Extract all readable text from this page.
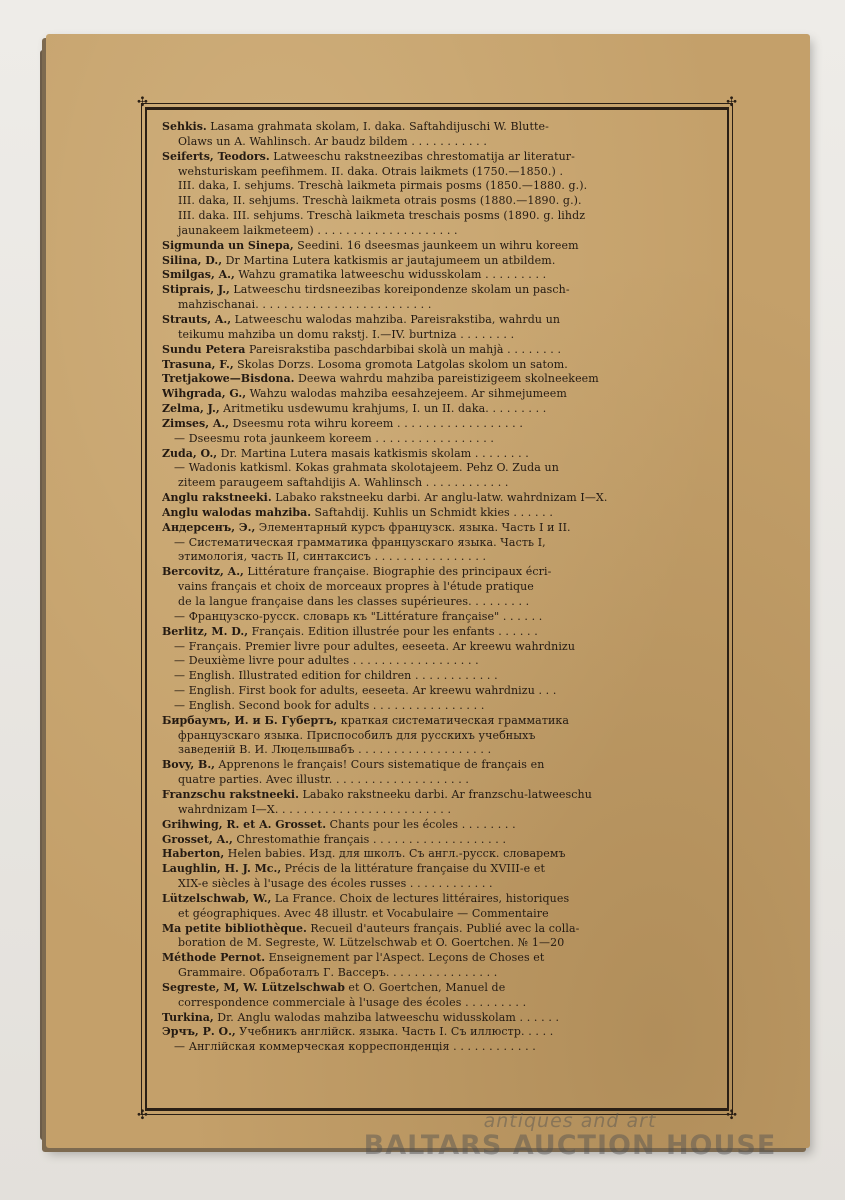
✣	✣
✣	✣
Sehkis. Lasama grahmata skolam, I. daka. Saftahdijuschi W. Blutte-
Olaws un A. Wahlinsch. Ar baudz bildem . . . . . . . . . . .
Seiferts, Teodors. Latweeschu rakstneezibas chrestomatija ar literatur-
wehsturiskam peefihmem. II. daka. Otrais laikmets (1750.—1850.) .
III. daka, I. sehjums. Treschà laikmeta pirmais posms (1850.—1880. g.).
III. daka, II. sehjums. Treschà laikmeta otrais posms (1880.—1890. g.).
III. daka. III. sehjums. Treschà laikmeta treschais posms (1890. g. lihdz
jaunakeem laikmeteem) . . . . . . . . . . . . . . . . . . . .
Sigmunda un Sinepa, Seedini. 16 dseesmas jaunkeem un wihru koreem
Silina, D., Dr Martina Lutera katkismis ar jautajumeem un atbildem.
Smilgas, A., Wahzu gramatika latweeschu widusskolam . . . . . . . . .
Stiprais, J., Latweeschu tirdsneezibas koreipondenze skolam un pasch-
mahzischanai. . . . . . . . . . . . . . . . . . . . . . . . .
Strauts, A., Latweeschu walodas mahziba. Pareisrakstiba, wahrdu un
teikumu mahziba un domu rakstj. I.—IV. burtniza . . . . . . . .
Sundu Petera Pareisrakstiba paschdarbibai skolà un mahjà . . . . . . . .
Trasuna, F., Skolas Dorzs. Losoma gromota Latgolas skolom un satom.
Tretjakowe—Bisdona. Deewa wahrdu mahziba pareistizigeem skolneekeem
Wihgrada, G., Wahzu walodas mahziba eesahzejeem. Ar sihmejumeem
Zelma, J., Aritmetiku usdewumu krahjums, I. un II. daka. . . . . . . . .
Zimses, A., Dseesmu rota wihru koreem . . . . . . . . . . . . . . . . . .
— Dseesmu rota jaunkeem koreem . . . . . . . . . . . . . . . . .
Zuda, O., Dr. Martina Lutera masais katkismis skolam . . . . . . . .
— Wadonis katkisml. Kokas grahmata skolotajeem. Pehz O. Zuda un
ziteem paraugeem saftahdijis A. Wahlinsch . . . . . . . . . . . .
Anglu rakstneeki. Labako rakstneeku darbi. Ar anglu-latw. wahrdnizam I—X.
Anglu walodas mahziba. Saftahdij. Kuhlis un Schmidt kkies . . . . . .
Андерсенъ, Э., Элементарный курсъ французск. языка. Часть I и II.
— Систематическая грамматика французскаго языка. Часть I,
этимологія, часть II, синтаксисъ . . . . . . . . . . . . . . . .
Bercovitz, A., Littérature française. Biographie des principaux écri-
vains français et choix de morceaux propres à l'étude pratique
de la langue française dans les classes supérieures. . . . . . . . .
— Французско-русск. словарь къ "Littérature française" . . . . . .
Berlitz, M. D., Français. Edition illustrée pour les enfants . . . . . .
— Français. Premier livre pour adultes, eeseeta. Ar kreewu wahrdnizu
— Deuxième livre pour adultes . . . . . . . . . . . . . . . . . .
— English. Illustrated edition for children . . . . . . . . . . . .
— English. First book for adults, eeseeta. Ar kreewu wahrdnizu . . .
— English. Second book for adults . . . . . . . . . . . . . . . .
Бирбаумъ, И. и Б. Губертъ, краткая систематическая грамматика
французскаго языка. Приспособилъ для русскихъ учебныхъ
заведеній В. И. Люцельшвабъ . . . . . . . . . . . . . . . . . . .
Bovy, B., Apprenons le français! Cours sistematique de français en
quatre parties. Avec illustr. . . . . . . . . . . . . . . . . . . .
Franzschu rakstneeki. Labako rakstneeku darbi. Ar franzschu-latweeschu
wahrdnizam I—X. . . . . . . . . . . . . . . . . . . . . . . . .
Grihwing, R. et A. Grosset. Chants pour les écoles . . . . . . . .
Grosset, A., Chrestomathie français . . . . . . . . . . . . . . . . . . .
Haberton, Helen babies. Изд. для школъ. Съ англ.-русск. словаремъ
Laughlin, H. J. Mc., Précis de la littérature française du XVIII-e et
XIX-e siècles à l'usage des écoles russes . . . . . . . . . . . .
Lützelschwab, W., La France. Choix de lectures littéraires, historiques
et géographiques. Avec 48 illustr. et Vocabulaire — Commentaire
Ma petite bibliothèque. Recueil d'auteurs français. Publié avec la colla-
boration de M. Segreste, W. Lützelschwab et O. Goertchen. № 1—20
Méthode Pernot. Enseignement par l'Aspect. Leçons de Choses et
Grammaire. Обработалъ Г. Вассеръ. . . . . . . . . . . . . . . .
Segreste, M, W. Lützelschwab et O. Goertchen, Manuel de
correspondence commerciale à l'usage des écoles . . . . . . . . .
Turkina, Dr. Anglu walodas mahziba latweeschu widusskolam . . . . . .
Эрчъ, Р. О., Учебникъ англійск. языка. Часть I. Съ иллюстр. . . . .
— Англійская коммерческая корреспонденція . . . . . . . . . . . .
antiques and art
BALTARS AUCTION HOUSE
